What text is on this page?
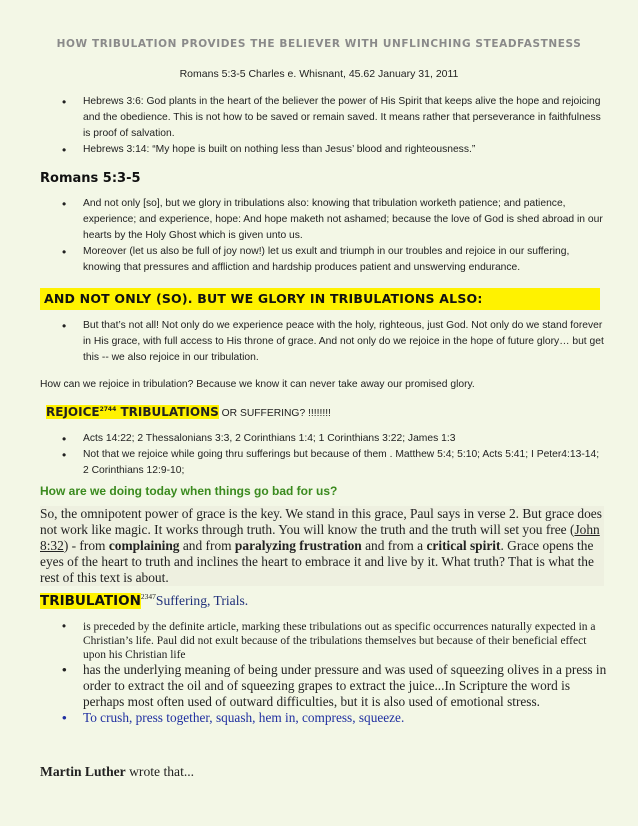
HOW TRIBULATION PROVIDES THE BELIEVER WITH UNFLINCHING STEADFASTNESS
Romans 5:3-5 Charles e. Whisnant, 45.62 January 31, 2011
• Hebrews 3:6: God plants in the heart of the believer the power of His Spirit that keeps alive the hope and rejoicing and the obedience. This is not how to be saved or remain saved. It means rather that perseverance in faithfulness is proof of salvation.
• Hebrews 3:14: “My hope is built on nothing less than Jesus’ blood and righteousness.”
Romans 5:3-5
• And not only [so], but we glory in tribulations also: knowing that tribulation worketh patience; and patience, experience; and experience, hope: And hope maketh not ashamed; because the love of God is shed abroad in our hearts by the Holy Ghost which is given unto us.
• Moreover (let us also be full of joy now!) let us exult and triumph in our troubles and rejoice in our suffering, knowing that pressures and affliction and hardship produces patient and unswerving endurance.
AND NOT ONLY (SO). BUT WE GLORY IN TRIBULATIONS ALSO:
• But that’s not all! Not only do we experience peace with the holy, righteous, just God. Not only do we stand forever in His grace, with full access to His throne of grace. And not only do we rejoice in the hope of future glory… but get this -- we also rejoice in our tribulation.
How can we rejoice in tribulation? Because we know it can never take away our promised glory.
$REJOICE^{2744}$ TRIBULATIONS OR SUFFERING? !!!!!!!!
• Acts 14:22; 2 Thessalonians 3:3, 2 Corinthians 1:4; 1 Corinthians 3:22; James 1:3
• Not that we rejoice while going thru sufferings but because of them . Matthew 5:4; 5:10; Acts 5:41; I Peter4:13-14; 2 Corinthians 12:9-10;
How are we doing today when things go bad for us?
So, the omnipotent power of grace is the key. We stand in this grace, Paul says in verse 2. But grace does not work like magic. It works through truth. You will know the truth and the truth will set you free (John 8:32) - from complaining and from paralyzing frustration and from a critical spirit. Grace opens the eyes of the heart to truth and inclines the heart to embrace it and live by it. What truth? That is what the rest of this text is about.
$TRIBULATION^{2347}Suffering$, Trials.
• is preceded by the definite article, marking these tribulations out as specific occurrences naturally expected in a Christian’s life. Paul did not exult because of the tribulations themselves but because of their beneficial effect upon his Christian life
• has the underlying meaning of being under pressure and was used of squeezing olives in a press in order to extract the oil and of squeezing grapes to extract the juice...In Scripture the word is perhaps most often used of outward difficulties, but it is also used of emotional stress.
• To crush, press together, squash, hem in, compress, squeeze.
Martin Luther wrote that...
